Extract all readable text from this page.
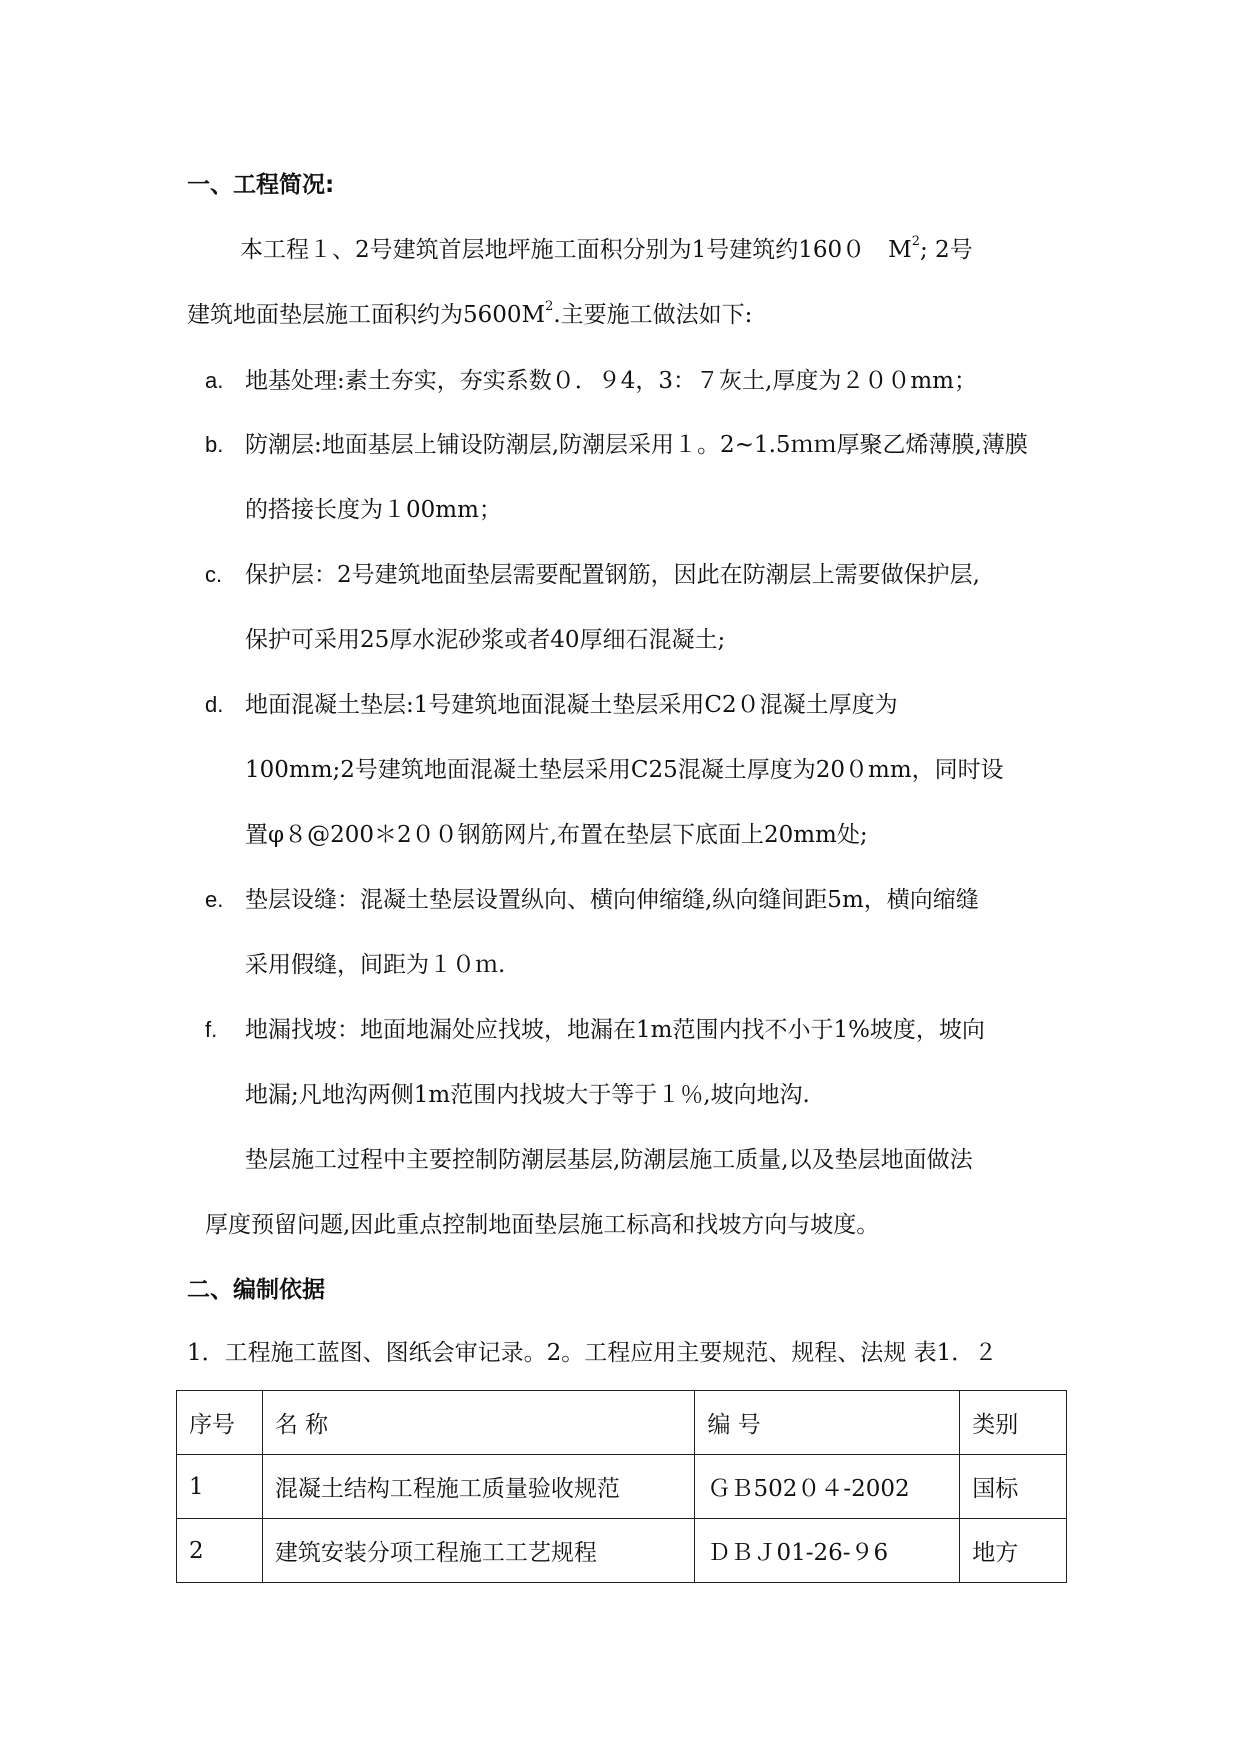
一、工程简况:
本工程１、2号建筑首层地坪施工面积分别为1号建筑约160０　$М^2$; 2号
建筑地面垫层施工面积约为$5600M^2$.主要施工做法如下:
a. 地基处理:素土夯实，夯实系数０．９4，3：７灰土,厚度为２００mm；
b. 防潮层:地面基层上铺设防潮层,防潮层采用１。2~1.5ｍｍ厚聚乙烯薄膜,薄膜
的搭接长度为１00mm；
c. 保护层：2号建筑地面垫层需要配置钢筋，因此在防潮层上需要做保护层,
保护可采用25厚水泥砂浆或者40厚细石混凝土;
d. 地面混凝土垫层:1号建筑地面混凝土垫层采用C2０混凝土厚度为
100mm;2号建筑地面混凝土垫层采用C25混凝土厚度为20０mm，同时设
置φ８@200＊2００钢筋网片,布置在垫层下底面上20mm处;
e. 垫层设缝：混凝土垫层设置纵向、横向伸缩缝,纵向缝间距5m，横向缩缝
采用假缝，间距为１０ｍ.
f. 地漏找坡：地面地漏处应找坡，地漏在1m范围内找不小于1%坡度，坡向
地漏;凡地沟两侧1m范围内找坡大于等于１％,坡向地沟.
垫层施工过程中主要控制防潮层基层,防潮层施工质量,以及垫层地面做法
厚度预留问题,因此重点控制地面垫层施工标高和找坡方向与坡度。
二、编制依据
1．工程施工蓝图、图纸会审记录。2。工程应用主要规范、规程、法规 表1．２
序号	名 称	编 号	类别
1	混凝土结构工程施工质量验收规范	ＧＢ502０４-2002	国标
2	建筑安装分项工程施工工艺规程	ＤＢＪ01-26-９6	地方
